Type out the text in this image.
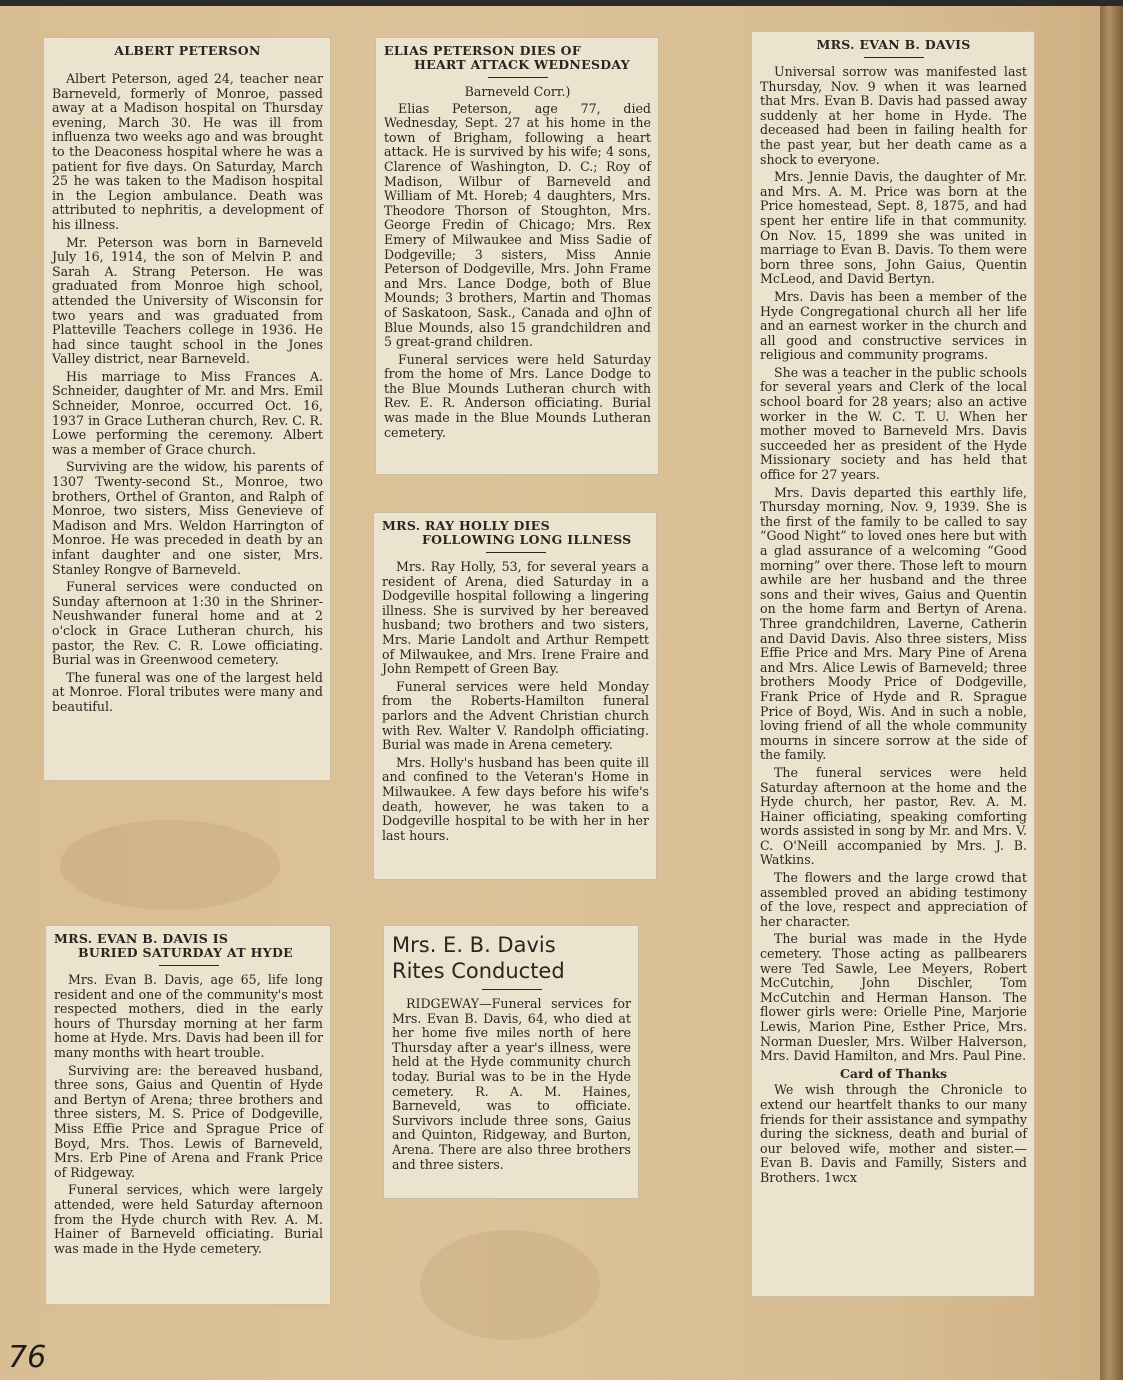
ALBERT PETERSON

Albert Peterson, aged 24, teacher near Barneveld, formerly of Monroe, passed away at a Madison hospital on Thursday evening, March 30. He was ill from influenza two weeks ago and was brought to the Deaconess hospital where he was a patient for five days. On Saturday, March 25 he was taken to the Madison hospital in the Legion ambulance. Death was attributed to nephritis, a development of his illness.

Mr. Peterson was born in Barneveld July 16, 1914, the son of Melvin P. and Sarah A. Strang Peterson. He was graduated from Monroe high school, attended the University of Wisconsin for two years and was graduated from Platteville Teachers college in 1936. He had since taught school in the Jones Valley district, near Barneveld.

His marriage to Miss Frances A. Schneider, daughter of Mr. and Mrs. Emil Schneider, Monroe, occurred Oct. 16, 1937 in Grace Lutheran church, Rev. C. R. Lowe performing the ceremony. Albert was a member of Grace church.

Surviving are the widow, his parents of 1307 Twenty-second St., Monroe, two brothers, Orthel of Granton, and Ralph of Monroe, two sisters, Miss Genevieve of Madison and Mrs. Weldon Harrington of Monroe. He was preceded in death by an infant daughter and one sister, Mrs. Stanley Rongve of Barneveld.

Funeral services were conducted on Sunday afternoon at 1:30 in the Shriner-Neushwander funeral home and at 2 o'clock in Grace Lutheran church, his pastor, the Rev. C. R. Lowe officiating. Burial was in Greenwood cemetery.

The funeral was one of the largest held at Monroe. Floral tributes were many and beautiful.

ELIAS PETERSON DIES OF
HEART ATTACK WEDNESDAY
Barneveld Corr.)

Elias Peterson, age 77, died Wednesday, Sept. 27 at his home in the town of Brigham, following a heart attack. He is survived by his wife; 4 sons, Clarence of Washington, D. C.; Roy of Madison, Wilbur of Barneveld and William of Mt. Horeb; 4 daughters, Mrs. Theodore Thorson of Stoughton, Mrs. George Fredin of Chicago; Mrs. Rex Emery of Milwaukee and Miss Sadie of Dodgeville; 3 sisters, Miss Annie Peterson of Dodgeville, Mrs. John Frame and Mrs. Lance Dodge, both of Blue Mounds; 3 brothers, Martin and Thomas of Saskatoon, Sask., Canada and oJhn of Blue Mounds, also 15 grandchildren and 5 great-grand children.

Funeral services were held Saturday from the home of Mrs. Lance Dodge to the Blue Mounds Lutheran church with Rev. E. R. Anderson officiating. Burial was made in the Blue Mounds Lutheran cemetery.

MRS. RAY HOLLY DIES
FOLLOWING LONG ILLNESS

Mrs. Ray Holly, 53, for several years a resident of Arena, died Saturday in a Dodgeville hospital following a lingering illness. She is survived by her bereaved husband; two brothers and two sisters, Mrs. Marie Landolt and Arthur Rempett of Milwaukee, and Mrs. Irene Fraire and John Rempett of Green Bay.

Funeral services were held Monday from the Roberts-Hamilton funeral parlors and the Advent Christian church with Rev. Walter V. Randolph officiating. Burial was made in Arena cemetery.

Mrs. Holly's husband has been quite ill and confined to the Veteran's Home in Milwaukee. A few days before his wife's death, however, he was taken to a Dodgeville hospital to be with her in her last hours.

MRS. EVAN B. DAVIS

Universal sorrow was manifested last Thursday, Nov. 9 when it was learned that Mrs. Evan B. Davis had passed away suddenly at her home in Hyde. The deceased had been in failing health for the past year, but her death came as a shock to everyone.

Mrs. Jennie Davis, the daughter of Mr. and Mrs. A. M. Price was born at the Price homestead, Sept. 8, 1875, and had spent her entire life in that community. On Nov. 15, 1899 she was united in marriage to Evan B. Davis. To them were born three sons, John Gaius, Quentin McLeod, and David Bertyn.

Mrs. Davis has been a member of the Hyde Congregational church all her life and an earnest worker in the church and all good and constructive services in religious and community programs.

She was a teacher in the public schools for several years and Clerk of the local school board for 28 years; also an active worker in the W. C. T. U. When her mother moved to Barneveld Mrs. Davis succeeded her as president of the Hyde Missionary society and has held that office for 27 years.

Mrs. Davis departed this earthly life, Thursday morning, Nov. 9, 1939. She is the first of the family to be called to say “Good Night” to loved ones here but with a glad assurance of a welcoming “Good morning” over there. Those left to mourn awhile are her husband and the three sons and their wives, Gaius and Quentin on the home farm and Bertyn of Arena. Three grandchildren, Laverne, Catherin and David Davis. Also three sisters, Miss Effie Price and Mrs. Mary Pine of Arena and Mrs. Alice Lewis of Barneveld; three brothers Moody Price of Dodgeville, Frank Price of Hyde and R. Sprague Price of Boyd, Wis. And in such a noble, loving friend of all the whole community mourns in sincere sorrow at the side of the family.

The funeral services were held Saturday afternoon at the home and the Hyde church, her pastor, Rev. A. M. Hainer officiating, speaking comforting words assisted in song by Mr. and Mrs. V. C. O'Neill accompanied by Mrs. J. B. Watkins.

The flowers and the large crowd that assembled proved an abiding testimony of the love, respect and appreciation of her character.

The burial was made in the Hyde cemetery. Those acting as pallbearers were Ted Sawle, Lee Meyers, Robert McCutchin, John Dischler, Tom McCutchin and Herman Hanson. The flower girls were: Orielle Pine, Marjorie Lewis, Marion Pine, Esther Price, Mrs. Norman Duesler, Mrs. Wilber Halverson, Mrs. David Hamilton, and Mrs. Paul Pine.

Card of Thanks

We wish through the Chronicle to extend our heartfelt thanks to our many friends for their assistance and sympathy during the sickness, death and burial of our beloved wife, mother and sister.—Evan B. Davis and Familly, Sisters and Brothers. 1wcx

MRS. EVAN B. DAVIS IS
BURIED SATURDAY AT HYDE

Mrs. Evan B. Davis, age 65, life long resident and one of the community's most respected mothers, died in the early hours of Thursday morning at her farm home at Hyde. Mrs. Davis had been ill for many months with heart trouble.

Surviving are: the bereaved husband, three sons, Gaius and Quentin of Hyde and Bertyn of Arena; three brothers and three sisters, M. S. Price of Dodgeville, Miss Effie Price and Sprague Price of Boyd, Mrs. Thos. Lewis of Barneveld, Mrs. Erb Pine of Arena and Frank Price of Ridgeway.

Funeral services, which were largely attended, were held Saturday afternoon from the Hyde church with Rev. A. M. Hainer of Barneveld officiating. Burial was made in the Hyde cemetery.

Mrs. E. B. Davis
Rites Conducted

RIDGEWAY—Funeral services for Mrs. Evan B. Davis, 64, who died at her home five miles north of here Thursday after a year's illness, were held at the Hyde community church today. Burial was to be in the Hyde cemetery. R. A. M. Haines, Barneveld, was to officiate. Survivors include three sons, Gaius and Quinton, Ridgeway, and Burton, Arena. There are also three brothers and three sisters.

76
